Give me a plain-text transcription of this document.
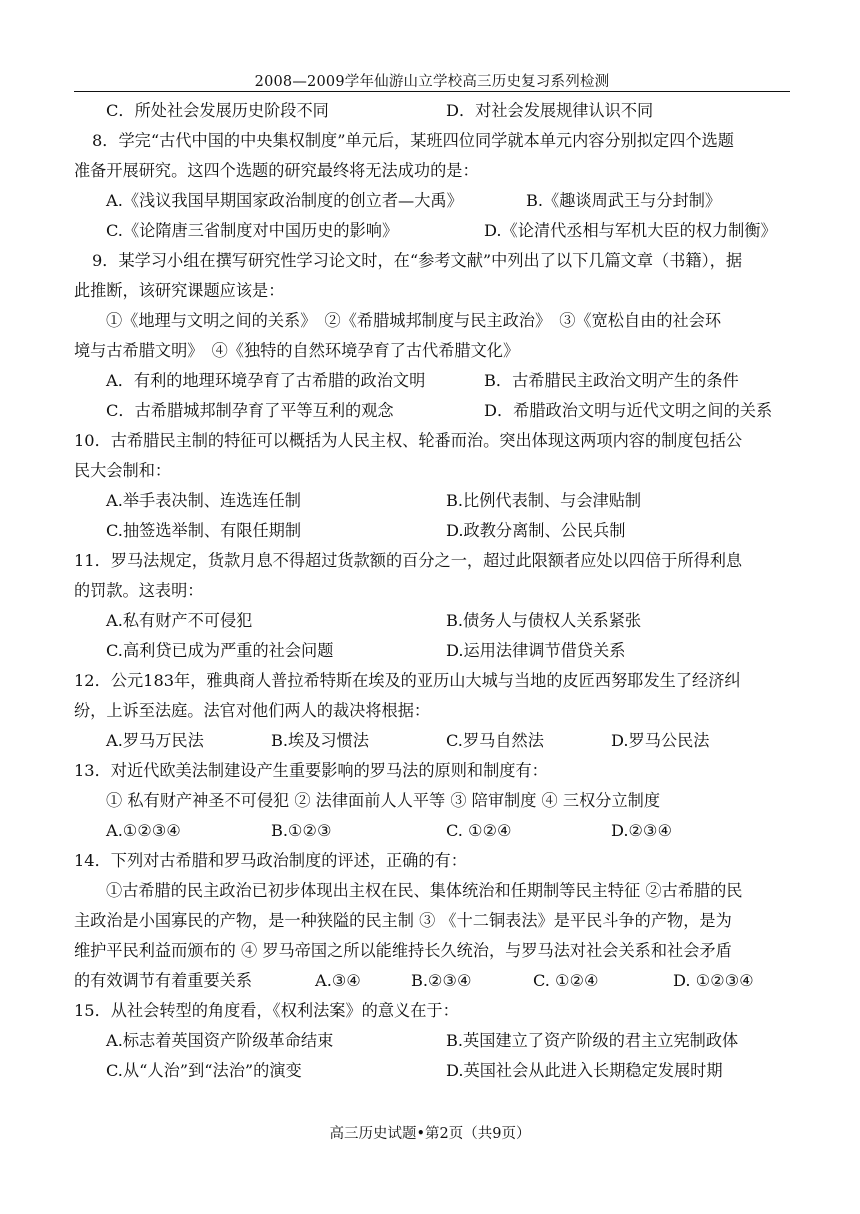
2008—2009学年仙游山立学校高三历史复习系列检测
C．所处社会发展历史阶段不同	D．对社会发展规律认识不同
8．学完“古代中国的中央集权制度”单元后，某班四位同学就本单元内容分别拟定四个选题
准备开展研究。这四个选题的研究最终将无法成功的是：
A.《浅议我国早期国家政治制度的创立者—大禹》	B.《趣谈周武王与分封制》
C.《论隋唐三省制度对中国历史的影响》	D.《论清代丞相与军机大臣的权力制衡》
9．某学习小组在撰写研究性学习论文时，在“参考文献”中列出了以下几篇文章（书籍），据
此推断，该研究课题应该是：
①《地理与文明之间的关系》　②《希腊城邦制度与民主政治》　③《宽松自由的社会环
境与古希腊文明》　④《独特的自然环境孕育了古代希腊文化》
A．有利的地理环境孕育了古希腊的政治文明	B．古希腊民主政治文明产生的条件
C．古希腊城邦制孕育了平等互利的观念	D．希腊政治文明与近代文明之间的关系
10．古希腊民主制的特征可以概括为人民主权、轮番而治。突出体现这两项内容的制度包括公
民大会制和：
A.举手表决制、连选连任制	B.比例代表制、与会津贴制
C.抽签选举制、有限任期制	D.政教分离制、公民兵制
11．罗马法规定，货款月息不得超过货款额的百分之一，超过此限额者应处以四倍于所得利息
的罚款。这表明：
A.私有财产不可侵犯	B.债务人与债权人关系紧张
C.高利贷已成为严重的社会问题	D.运用法律调节借贷关系
12．公元183年，雅典商人普拉希特斯在埃及的亚历山大城与当地的皮匠西努耶发生了经济纠
纷，上诉至法庭。法官对他们两人的裁决将根据：
A.罗马万民法	B.埃及习惯法	C.罗马自然法	D.罗马公民法
13．对近代欧美法制建设产生重要影响的罗马法的原则和制度有：
① 私有财产神圣不可侵犯 ② 法律面前人人平等 ③ 陪审制度 ④ 三权分立制度
A.①②③④	B.①②③	C. ①②④	D.②③④
14．下列对古希腊和罗马政治制度的评述，正确的有：
①古希腊的民主政治已初步体现出主权在民、集体统治和任期制等民主特征 ②古希腊的民
主政治是小国寡民的产物，是一种狭隘的民主制 ③ 《十二铜表法》是平民斗争的产物，是为
维护平民利益而颁布的 ④ 罗马帝国之所以能维持长久统治，与罗马法对社会关系和社会矛盾
的有效调节有着重要关系	A.③④	B.②③④	C. ①②④	D. ①②③④
15．从社会转型的角度看，《权利法案》的意义在于：
A.标志着英国资产阶级革命结束	B.英国建立了资产阶级的君主立宪制政体
C.从“人治”到“法治”的演变	D.英国社会从此进入长期稳定发展时期
高三历史试题•第2页（共9页）
